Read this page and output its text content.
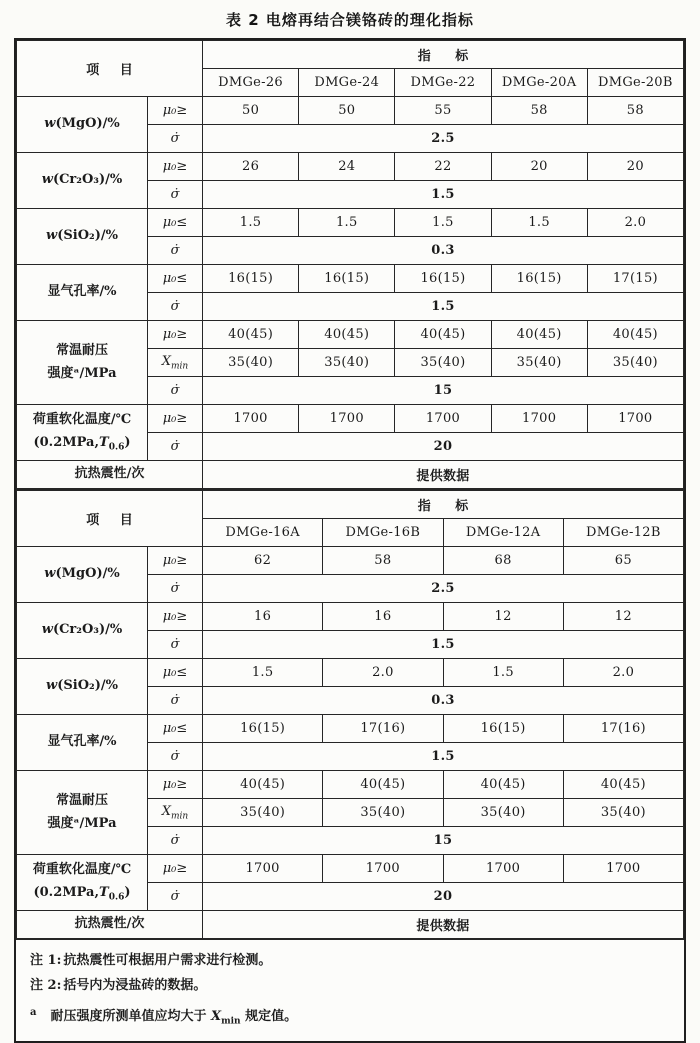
表 2 电熔再结合镁铬砖的理化指标
项 目		指 标				
		DMGe-26	DMGe-24	DMGe-22	DMGe-20A	DMGe-20B
w(MgO)/%	μ₀≥	50	50	55	58	58
	σ̇	2.5				
w(Cr₂O₃)/%	μ₀≥	26	24	22	20	20
	σ̇	1.5				
w(SiO₂)/%	μ₀≤	1.5	1.5	1.5	1.5	2.0
	σ̇	0.3				
显气孔率/%	μ₀≤	16(15)	16(15)	16(15)	16(15)	17(15)
	σ̇	1.5				
常温耐压
强度ᵃ/MPa	μ₀≥	40(45)	40(45)	40(45)	40(45)	40(45)
	$X_{min}$	35(40)	35(40)	35(40)	35(40)	35(40)
	σ̇	15				
荷重软化温度/℃
$(0.2MPa,T_{0.6})$	μ₀≥	1700	1700	1700	1700	1700
	σ̇	20				
抗热震性/次		提供数据				
项 目		指 标			
		DMGe-16A	DMGe-16B	DMGe-12A	DMGe-12B
w(MgO)/%	μ₀≥	62	58	68	65
	σ̇	2.5			
w(Cr₂O₃)/%	μ₀≥	16	16	12	12
	σ̇	1.5			
w(SiO₂)/%	μ₀≤	1.5	2.0	1.5	2.0
	σ̇	0.3			
显气孔率/%	μ₀≤	16(15)	17(16)	16(15)	17(16)
	σ̇	1.5			
常温耐压
强度ᵃ/MPa	μ₀≥	40(45)	40(45)	40(45)	40(45)
	$X_{min}$	35(40)	35(40)	35(40)	35(40)
	σ̇	15			
荷重软化温度/℃
$(0.2MPa,T_{0.6})$	μ₀≥	1700	1700	1700	1700
	σ̇	20			
抗热震性/次		提供数据			
注 1: 抗热震性可根据用户需求进行检测。
注 2: 括号内为浸盐砖的数据。
$^a$ 耐压强度所测单值应均大于 $X_{min}$ 规定值。
